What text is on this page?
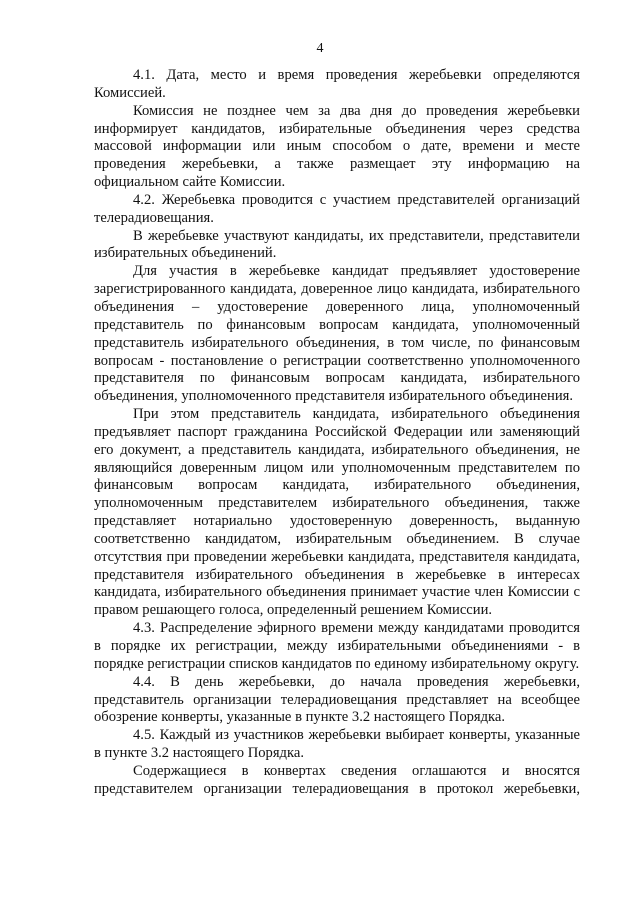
4

4.1. Дата, место и время проведения жеребьевки определяются Комиссией.

Комиссия не позднее чем за два дня до проведения жеребьевки информирует кандидатов, избирательные объединения через средства массовой информации или иным способом о дате, времени и месте проведения жеребьевки, а также размещает эту информацию на официальном сайте Комиссии.

4.2. Жеребьевка проводится с участием представителей организаций телерадиовещания.

В жеребьевке участвуют кандидаты, их представители, представители избирательных объединений.

Для участия в жеребьевке кандидат предъявляет удостоверение зарегистрированного кандидата, доверенное лицо кандидата, избирательного объединения – удостоверение доверенного лица, уполномоченный представитель по финансовым вопросам кандидата, уполномоченный представитель избирательного объединения, в том числе, по финансовым вопросам - постановление о регистрации соответственно уполномоченного представителя по финансовым вопросам кандидата, избирательного объединения, уполномоченного представителя избирательного объединения.

При этом представитель кандидата, избирательного объединения предъявляет паспорт гражданина Российской Федерации или заменяющий его документ, а представитель кандидата, избирательного объединения, не являющийся доверенным лицом или уполномоченным представителем по финансовым вопросам кандидата, избирательного объединения, уполномоченным представителем избирательного объединения, также представляет нотариально удостоверенную доверенность, выданную соответственно кандидатом, избирательным объединением. В случае отсутствия при проведении жеребьевки кандидата, представителя кандидата, представителя избирательного объединения в жеребьевке в интересах кандидата, избирательного объединения принимает участие член Комиссии с правом решающего голоса, определенный решением Комиссии.

4.3. Распределение эфирного времени между кандидатами проводится в порядке их регистрации, между избирательными объединениями - в порядке регистрации списков кандидатов по единому избирательному округу.

4.4. В день жеребьевки, до начала проведения жеребьевки, представитель организации телерадиовещания представляет на всеобщее обозрение конверты, указанные в пункте 3.2 настоящего Порядка.

4.5. Каждый из участников жеребьевки выбирает конверты, указанные в пункте 3.2 настоящего Порядка.

Содержащиеся в конвертах сведения оглашаются и вносятся представителем организации телерадиовещания в протокол жеребьевки,
